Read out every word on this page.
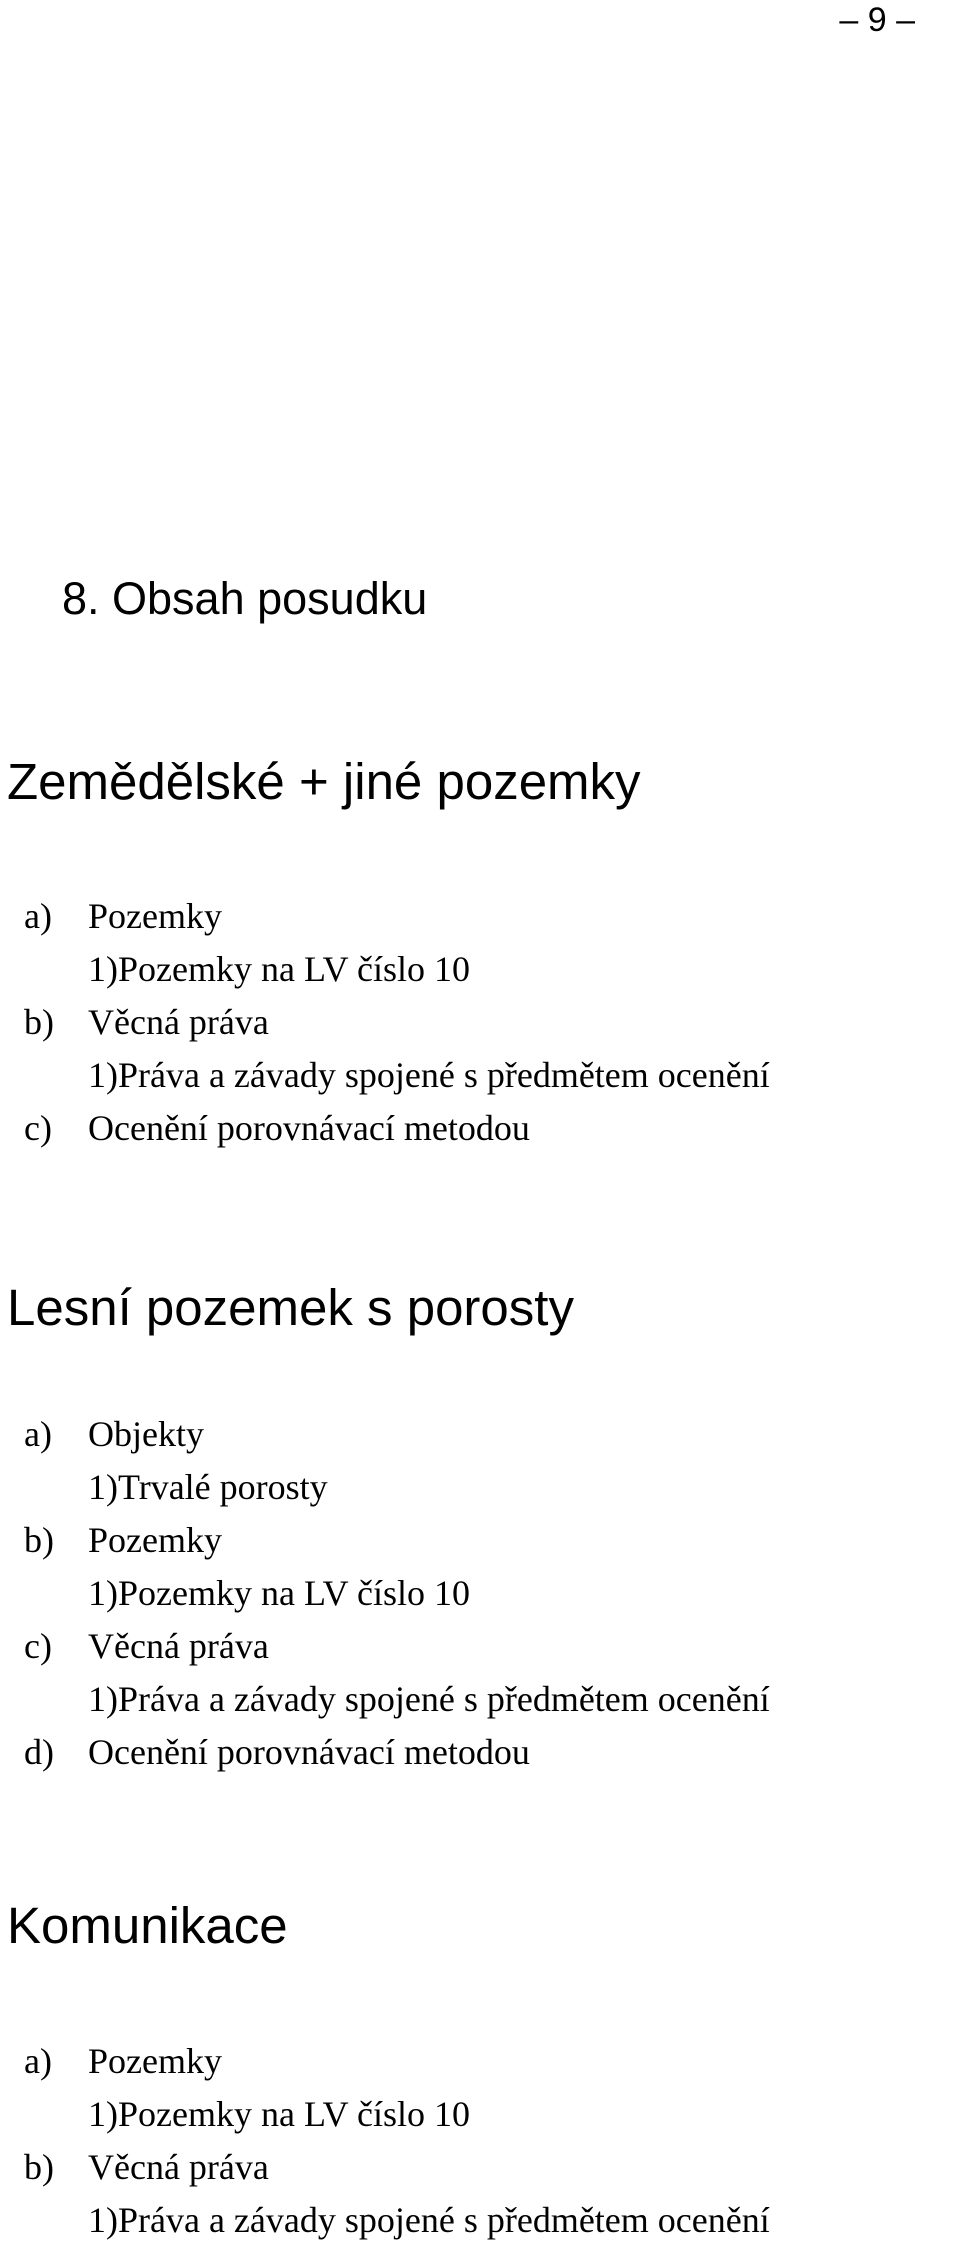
– 9 –
8. Obsah posudku
Zemědělské + jiné pozemky
a) Pozemky
1)Pozemky na LV číslo 10
b) Věcná práva
1)Práva a závady spojené s předmětem ocenění
c) Ocenění porovnávací metodou
Lesní pozemek s porosty
a) Objekty
1)Trvalé porosty
b) Pozemky
1)Pozemky na LV číslo 10
c) Věcná práva
1)Práva a závady spojené s předmětem ocenění
d) Ocenění porovnávací metodou
Komunikace
a) Pozemky
1)Pozemky na LV číslo 10
b) Věcná práva
1)Práva a závady spojené s předmětem ocenění
